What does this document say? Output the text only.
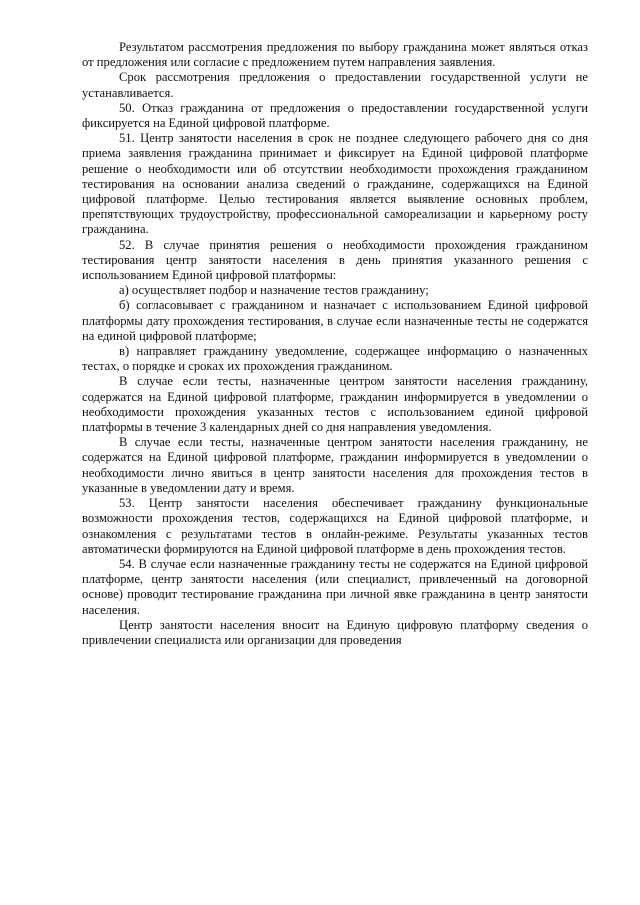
Результатом рассмотрения предложения по выбору гражданина может являться отказ от предложения или согласие с предложением путем направления заявления.

Срок рассмотрения предложения о предоставлении государственной услуги не устанавливается.

50. Отказ гражданина от предложения о предоставлении государственной услуги фиксируется на Единой цифровой платформе.

51. Центр занятости населения в срок не позднее следующего рабочего дня со дня приема заявления гражданина принимает и фиксирует на Единой цифровой платформе решение о необходимости или об отсутствии необходимости прохождения гражданином тестирования на основании анализа сведений о гражданине, содержащихся на Единой цифровой платформе. Целью тестирования является выявление основных проблем, препятствующих трудоустройству, профессиональной самореализации и карьерному росту гражданина.

52. В случае принятия решения о необходимости прохождения гражданином тестирования центр занятости населения в день принятия указанного решения с использованием Единой цифровой платформы:

а) осуществляет подбор и назначение тестов гражданину;

б) согласовывает с гражданином и назначает с использованием Единой цифровой платформы дату прохождения тестирования, в случае если назначенные тесты не содержатся на единой цифровой платформе;

в) направляет гражданину уведомление, содержащее информацию о назначенных тестах, о порядке и сроках их прохождения гражданином.

В случае если тесты, назначенные центром занятости населения гражданину, содержатся на Единой цифровой платформе, гражданин информируется в уведомлении о необходимости прохождения указанных тестов с использованием единой цифровой платформы в течение 3 календарных дней со дня направления уведомления.

В случае если тесты, назначенные центром занятости населения гражданину, не содержатся на Единой цифровой платформе, гражданин информируется в уведомлении о необходимости лично явиться в центр занятости населения для прохождения тестов в указанные в уведомлении дату и время.

53. Центр занятости населения обеспечивает гражданину функциональные возможности прохождения тестов, содержащихся на Единой цифровой платформе, и ознакомления с результатами тестов в онлайн-режиме. Результаты указанных тестов автоматически формируются на Единой цифровой платформе в день прохождения тестов.

54. В случае если назначенные гражданину тесты не содержатся на Единой цифровой платформе, центр занятости населения (или специалист, привлеченный на договорной основе) проводит тестирование гражданина при личной явке гражданина в центр занятости населения.

Центр занятости населения вносит на Единую цифровую платформу сведения о привлечении специалиста или организации для проведения
